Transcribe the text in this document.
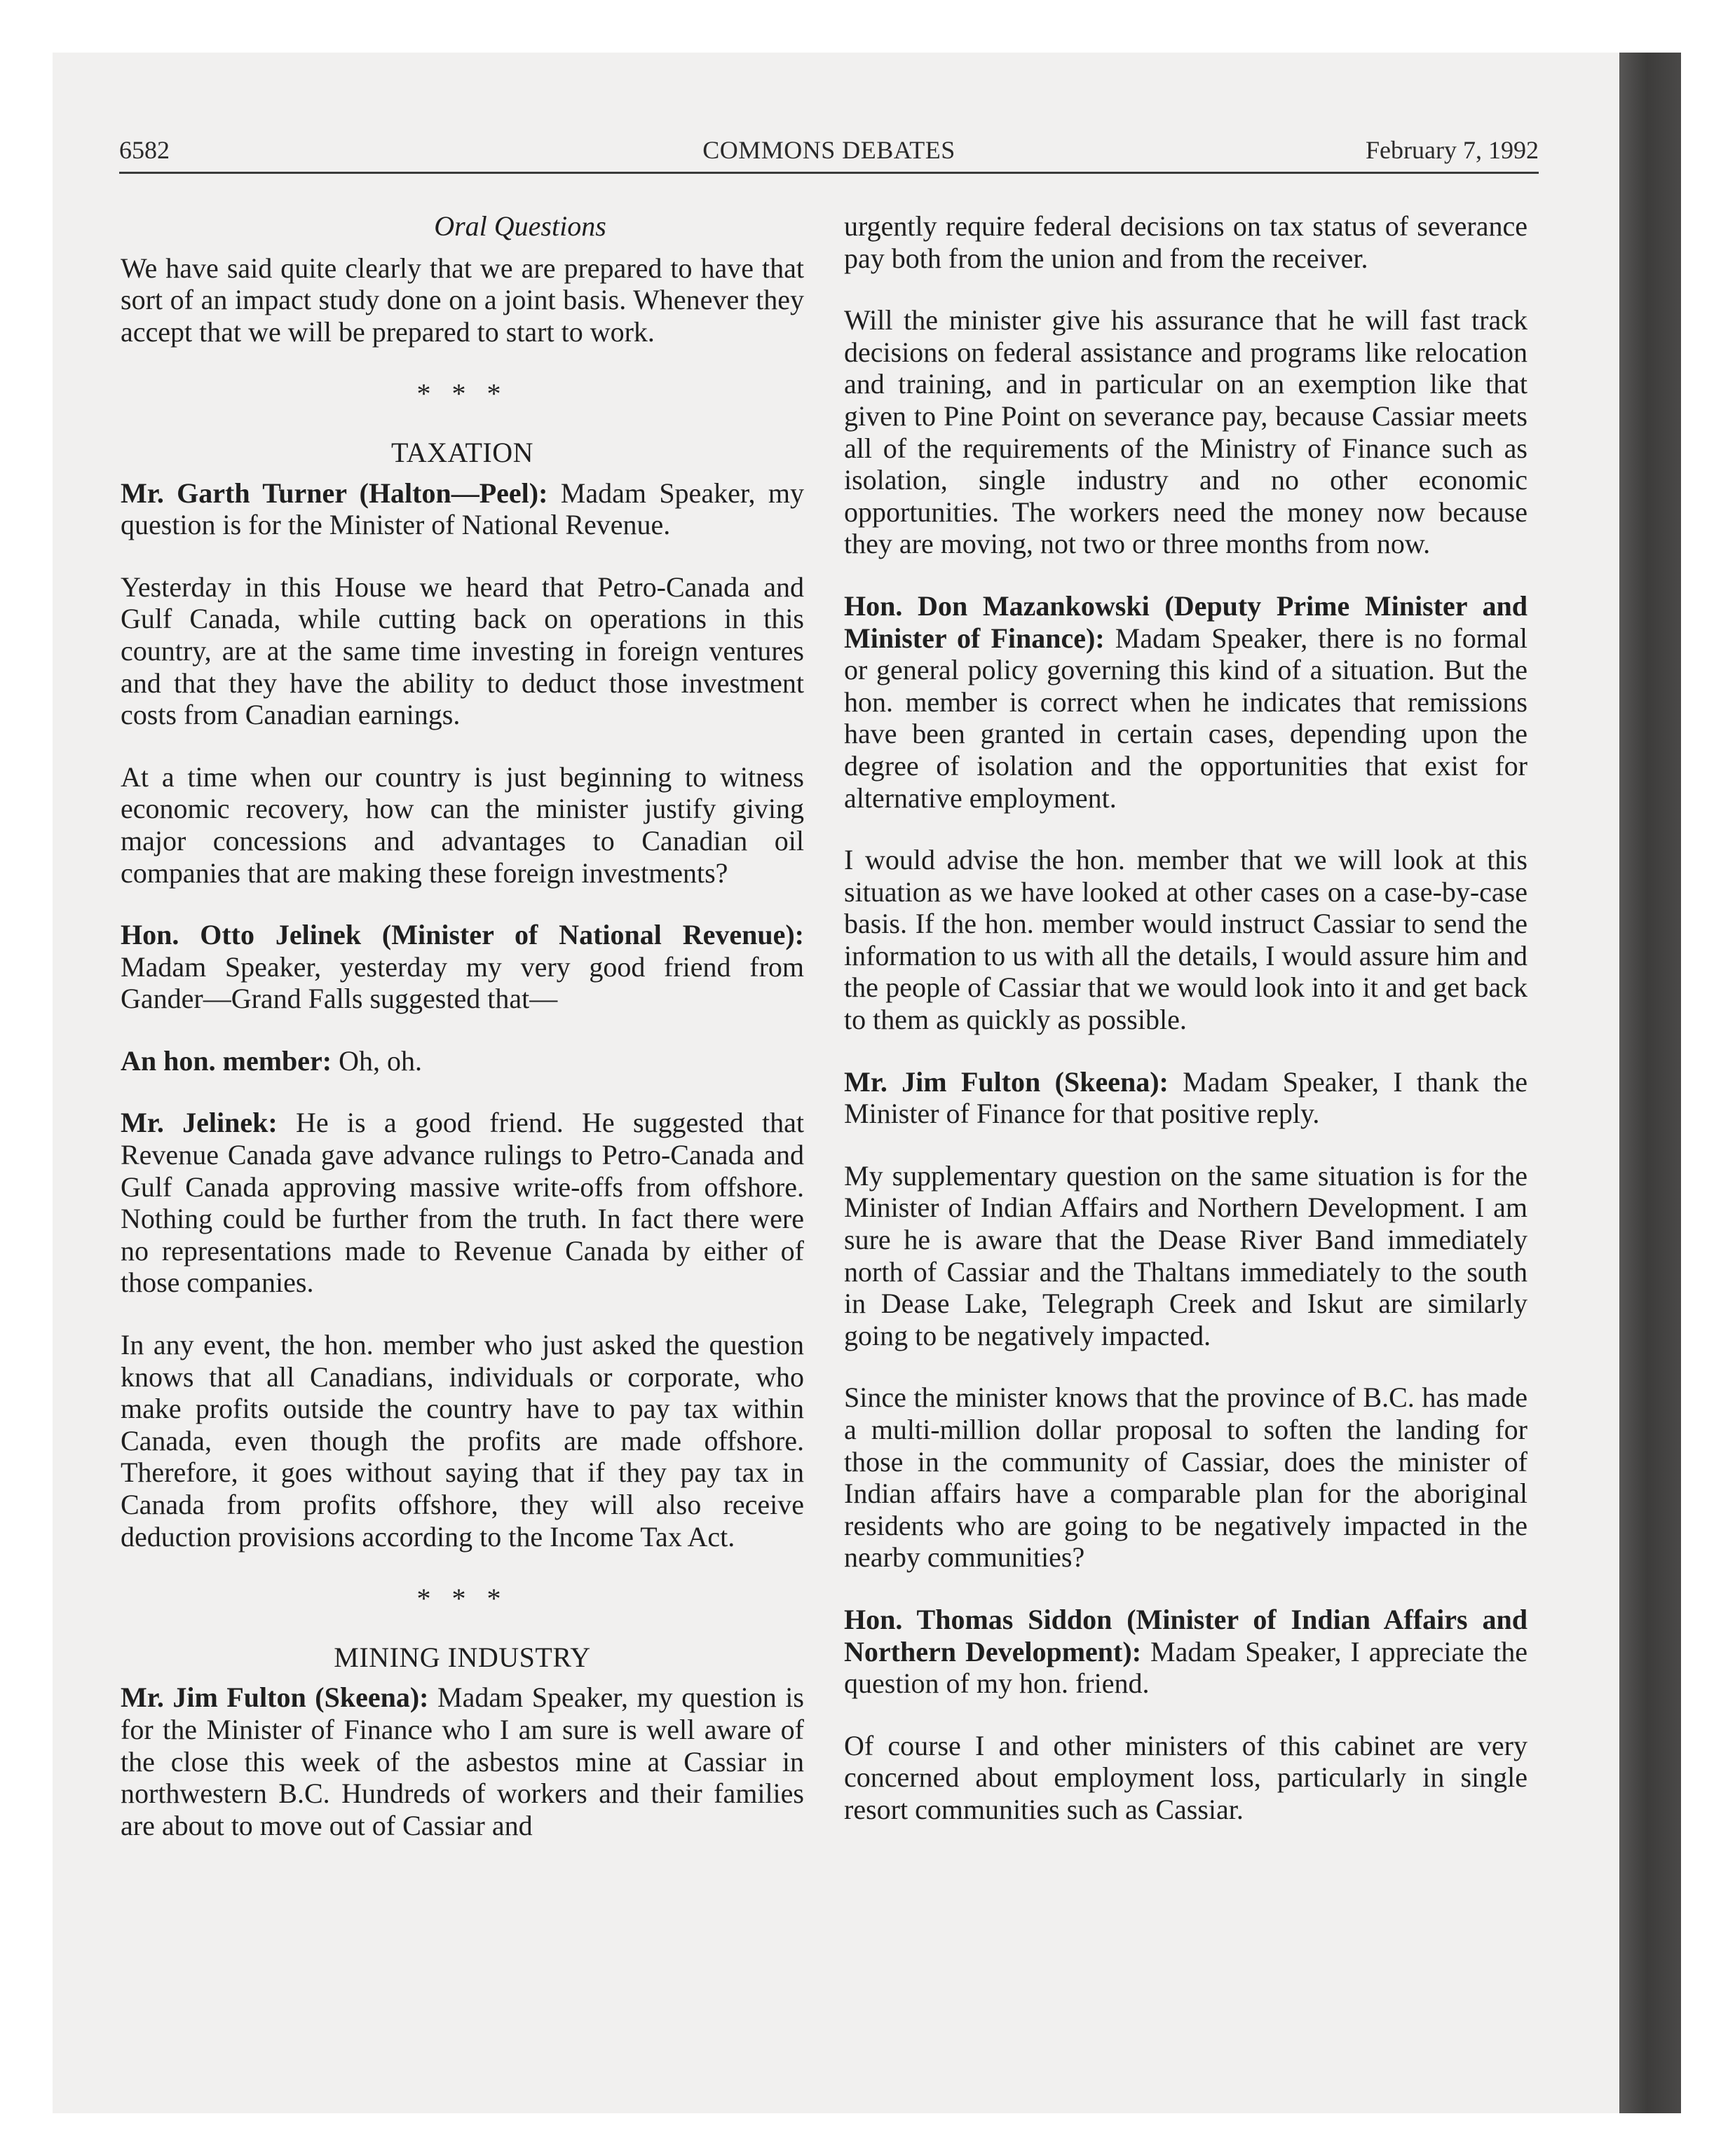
6582	COMMONS DEBATES	February 7, 1992
Oral Questions

We have said quite clearly that we are prepared to have that sort of an impact study done on a joint basis. Whenever they accept that we will be prepared to start to work.

* * *
TAXATION

Mr. Garth Turner (Halton—Peel): Madam Speaker, my question is for the Minister of National Revenue.

Yesterday in this House we heard that Petro-Canada and Gulf Canada, while cutting back on operations in this country, are at the same time investing in foreign ventures and that they have the ability to deduct those investment costs from Canadian earnings.

At a time when our country is just beginning to witness economic recovery, how can the minister justify giving major concessions and advantages to Canadian oil companies that are making these foreign investments?

Hon. Otto Jelinek (Minister of National Revenue): Madam Speaker, yesterday my very good friend from Gander—Grand Falls suggested that—

An hon. member: Oh, oh.

Mr. Jelinek: He is a good friend. He suggested that Revenue Canada gave advance rulings to Petro-Canada and Gulf Canada approving massive write-offs from offshore. Nothing could be further from the truth. In fact there were no representations made to Revenue Canada by either of those companies.

In any event, the hon. member who just asked the question knows that all Canadians, individuals or corporate, who make profits outside the country have to pay tax within Canada, even though the profits are made offshore. Therefore, it goes without saying that if they pay tax in Canada from profits offshore, they will also receive deduction provisions according to the Income Tax Act.

* * *
MINING INDUSTRY

Mr. Jim Fulton (Skeena): Madam Speaker, my question is for the Minister of Finance who I am sure is well aware of the close this week of the asbestos mine at Cassiar in northwestern B.C. Hundreds of workers and their families are about to move out of Cassiar and

urgently require federal decisions on tax status of severance pay both from the union and from the receiver.

Will the minister give his assurance that he will fast track decisions on federal assistance and programs like relocation and training, and in particular on an exemption like that given to Pine Point on severance pay, because Cassiar meets all of the requirements of the Ministry of Finance such as isolation, single industry and no other economic opportunities. The workers need the money now because they are moving, not two or three months from now.

Hon. Don Mazankowski (Deputy Prime Minister and Minister of Finance): Madam Speaker, there is no formal or general policy governing this kind of a situation. But the hon. member is correct when he indicates that remissions have been granted in certain cases, depending upon the degree of isolation and the opportunities that exist for alternative employment.

I would advise the hon. member that we will look at this situation as we have looked at other cases on a case-by-case basis. If the hon. member would instruct Cassiar to send the information to us with all the details, I would assure him and the people of Cassiar that we would look into it and get back to them as quickly as possible.

Mr. Jim Fulton (Skeena): Madam Speaker, I thank the Minister of Finance for that positive reply.

My supplementary question on the same situation is for the Minister of Indian Affairs and Northern Development. I am sure he is aware that the Dease River Band immediately north of Cassiar and the Thaltans immediately to the south in Dease Lake, Telegraph Creek and Iskut are similarly going to be negatively impacted.

Since the minister knows that the province of B.C. has made a multi-million dollar proposal to soften the landing for those in the community of Cassiar, does the minister of Indian affairs have a comparable plan for the aboriginal residents who are going to be negatively impacted in the nearby communities?

Hon. Thomas Siddon (Minister of Indian Affairs and Northern Development): Madam Speaker, I appreciate the question of my hon. friend.

Of course I and other ministers of this cabinet are very concerned about employment loss, particularly in single resort communities such as Cassiar.
